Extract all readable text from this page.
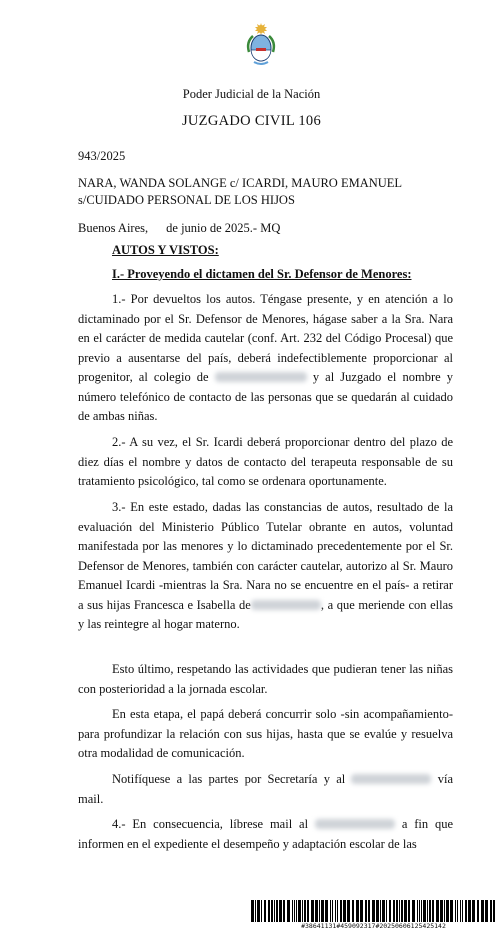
Poder Judicial de la Nación
JUZGADO CIVIL 106
943/2025
NARA, WANDA SOLANGE c/ ICARDI, MAURO EMANUEL
s/CUIDADO PERSONAL DE LOS HIJOS
Buenos Aires, de junio de 2025.- MQ
AUTOS Y VISTOS:
I.- Proveyendo el dictamen del Sr. Defensor de Menores:

1.- Por devueltos los autos. Téngase presente, y en atención a lo dictaminado por el Sr. Defensor de Menores, hágase saber a la Sra. Nara en el carácter de medida cautelar (conf. Art. 232 del Código Procesal) que previo a ausentarse del país, deberá indefectiblemente proporcionar al progenitor, al colegio de	y al Juzgado el nombre y número telefónico de contacto de las personas que se quedarán al cuidado de ambas niñas.

2.- A su vez, el Sr. Icardi deberá proporcionar dentro del plazo de diez días el nombre y datos de contacto del terapeuta responsable de su tratamiento psicológico, tal como se ordenara oportunamente.

3.- En este estado, dadas las constancias de autos, resultado de la evaluación del Ministerio Público Tutelar obrante en autos, voluntad manifestada por las menores y lo dictaminado precedentemente por el Sr. Defensor de Menores, también con carácter cautelar, autorizo al Sr. Mauro Emanuel Icardi -mientras la Sra. Nara no se encuentre en el país- a retirar a sus hijas Francesca e Isabella de	, a que meriende con ellas y las reintegre al hogar materno.

Esto último, respetando las actividades que pudieran tener las niñas con posterioridad a la jornada escolar.

En esta etapa, el papá deberá concurrir solo -sin acompañamiento- para profundizar la relación con sus hijas, hasta que se evalúe y resuelva otra modalidad de comunicación.

Notifíquese a las partes por Secretaría y al	vía mail.

4.- En consecuencia, líbrese mail al	a fin que informen en el expediente el desempeño y adaptación escolar de las

#38641131#459092317#20250606125425142
